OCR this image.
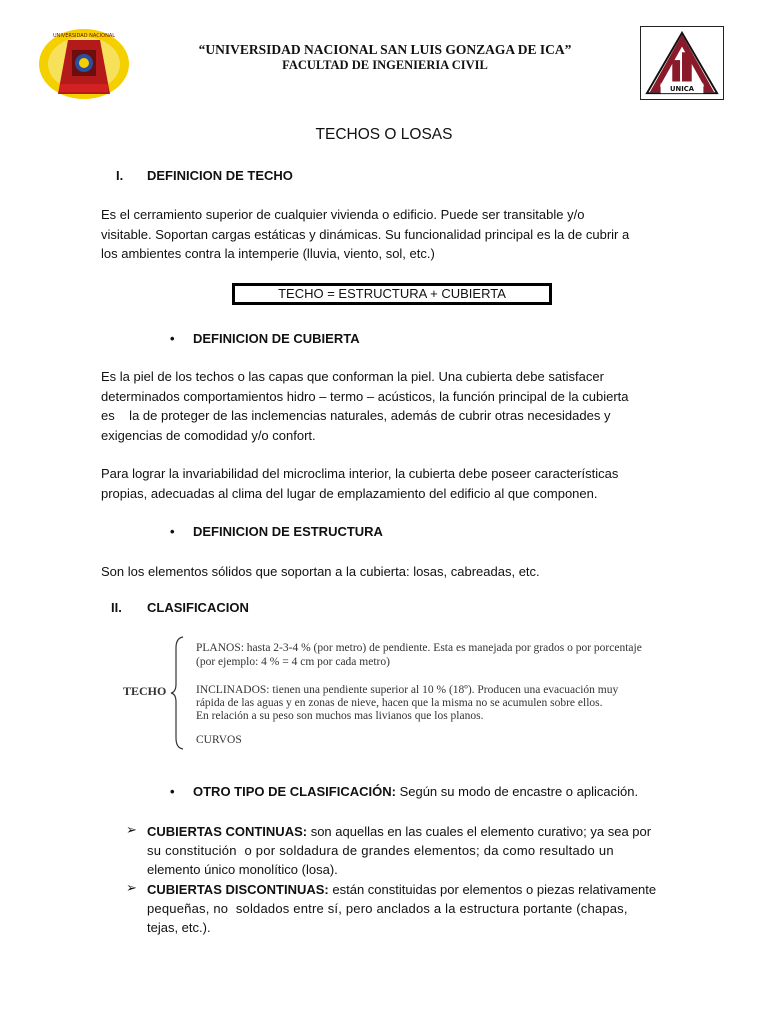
UNIVERSIDAD NACIONAL
“UNIVERSIDAD NACIONAL SAN LUIS GONZAGA DE ICA”
FACULTAD DE INGENIERIA CIVIL
UNICA
TECHOS O LOSAS
I. DEFINICION DE TECHO
Es el cerramiento superior de cualquier vivienda o edificio. Puede ser transitable y/o
visitable. Soportan cargas estáticas y dinámicas. Su funcionalidad principal es la de cubrir a
los ambientes contra la intemperie (lluvia, viento, sol, etc.)
TECHO = ESTRUCTURA + CUBIERTA
• DEFINICION DE CUBIERTA
Es la piel de los techos o las capas que conforman la piel. Una cubierta debe satisfacer
determinados comportamientos hidro – termo – acústicos, la función principal de la cubierta
es    la de proteger de las inclemencias naturales, además de cubrir otras necesidades y
exigencias de comodidad y/o confort.
Para lograr la invariabilidad del microclima interior, la cubierta debe poseer características
propias, adecuadas al clima del lugar de emplazamiento del edificio al que componen.
• DEFINICION DE ESTRUCTURA
Son los elementos sólidos que soportan a la cubierta: losas, cabreadas, etc.
II. CLASIFICACION
TECHO
PLANOS: hasta 2-3-4 % (por metro) de pendiente. Esta es manejada por grados o por porcentaje
(por ejemplo: 4 % = 4 cm por cada metro)
INCLINADOS: tienen una pendiente superior al 10 % (18º). Producen una evacuación muy
rápida de las aguas y en zonas de nieve, hacen que la misma no se acumulen sobre ellos.
En relación a su peso son muchos mas livianos que los planos.
CURVOS
• OTRO TIPO DE CLASIFICACIÓN: Según su modo de encastre o aplicación.
➢ CUBIERTAS CONTINUAS: son aquellas en las cuales el elemento curativo; ya sea por
su constitución  o por soldadura de grandes elementos; da como resultado un
elemento único monolítico (losa).
➢ CUBIERTAS DISCONTINUAS: están constituidas por elementos o piezas relativamente
pequeñas, no  soldados entre sí, pero anclados a la estructura portante (chapas,
tejas, etc.).
